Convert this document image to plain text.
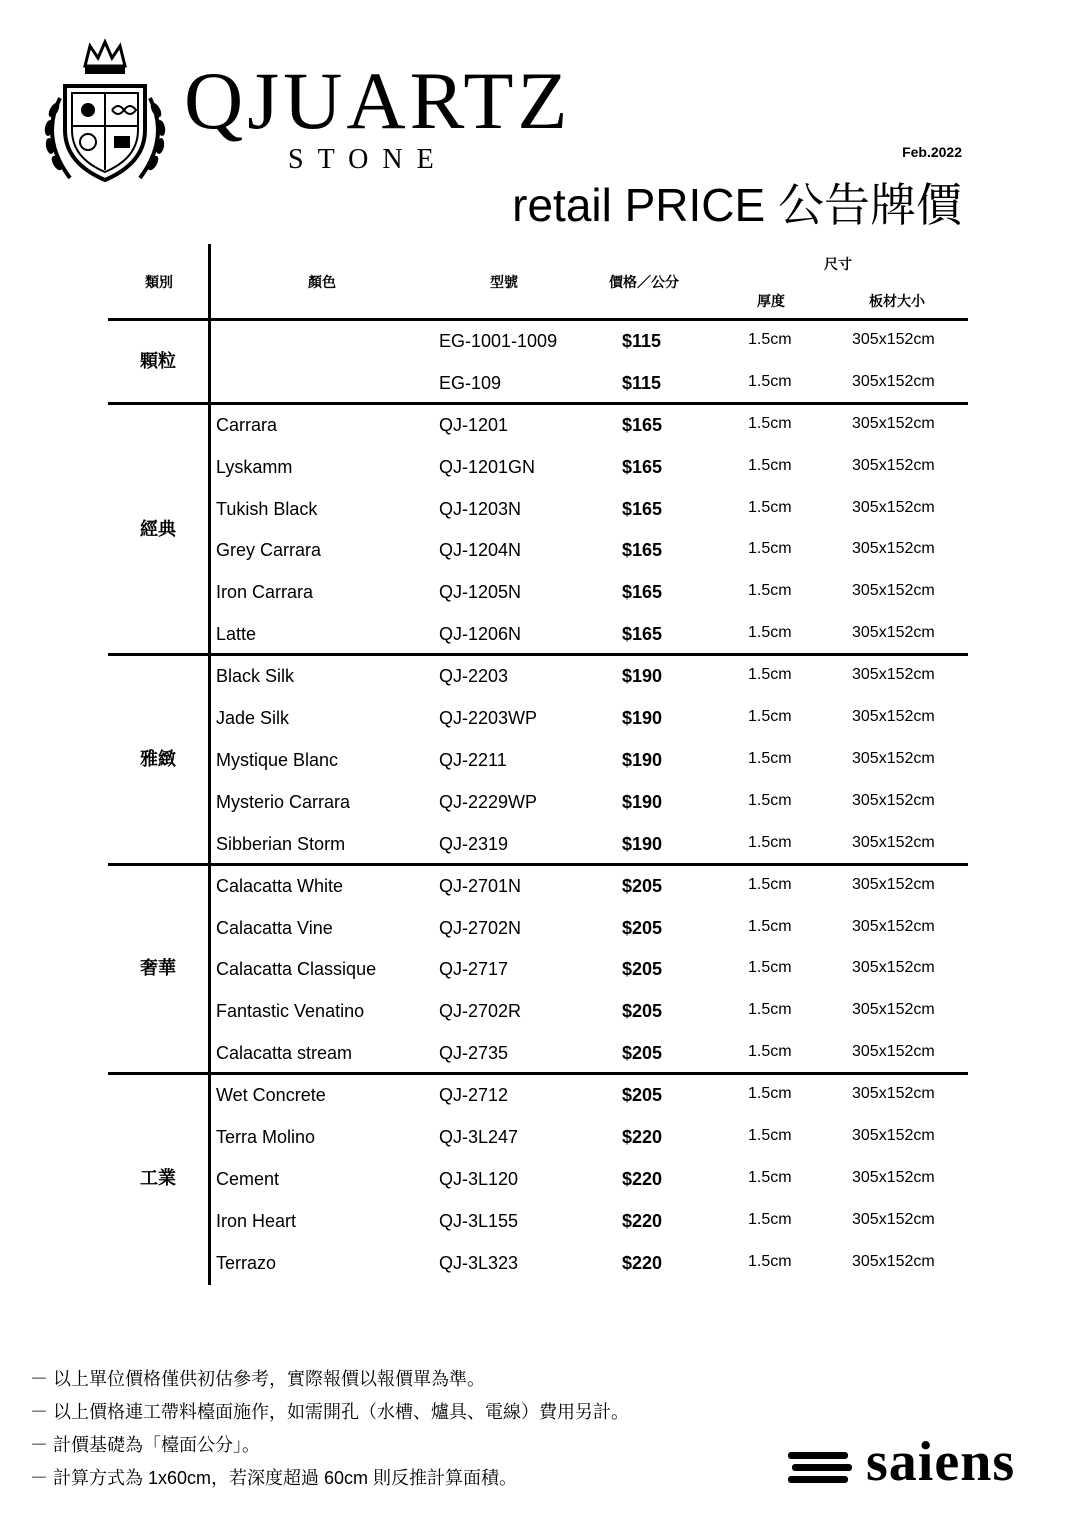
QJUARTZ
STONE	Feb.2022
retail PRICE 公告牌價
類別	顏色	型號	價格／公分
尺寸
厚度	板材大小
EG-1001-1009	$115	1.5cm	305x152cm
EG-109	$115	1.5cm	305x152cm
顆粒
Carrara	QJ-1201	$165	1.5cm	305x152cm
Lyskamm	QJ-1201GN	$165	1.5cm	305x152cm
Tukish Black	QJ-1203N	$165	1.5cm	305x152cm
Grey Carrara	QJ-1204N	$165	1.5cm	305x152cm
Iron Carrara	QJ-1205N	$165	1.5cm	305x152cm
Latte	QJ-1206N	$165	1.5cm	305x152cm
經典
Black Silk	QJ-2203	$190	1.5cm	305x152cm
Jade Silk	QJ-2203WP	$190	1.5cm	305x152cm
Mystique Blanc	QJ-2211	$190	1.5cm	305x152cm
Mysterio Carrara	QJ-2229WP	$190	1.5cm	305x152cm
Sibberian Storm	QJ-2319	$190	1.5cm	305x152cm
雅緻
Calacatta White	QJ-2701N	$205	1.5cm	305x152cm
Calacatta Vine	QJ-2702N	$205	1.5cm	305x152cm
Calacatta Classique	QJ-2717	$205	1.5cm	305x152cm
Fantastic Venatino	QJ-2702R	$205	1.5cm	305x152cm
Calacatta stream	QJ-2735	$205	1.5cm	305x152cm
奢華
Wet Concrete	QJ-2712	$205	1.5cm	305x152cm
Terra Molino	QJ-3L247	$220	1.5cm	305x152cm
Cement	QJ-3L120	$220	1.5cm	305x152cm
Iron Heart	QJ-3L155	$220	1.5cm	305x152cm
Terrazo	QJ-3L323	$220	1.5cm	305x152cm
工業
－ 以上單位價格僅供初估參考，實際報價以報價單為準。
－ 以上價格連工帶料檯面施作，如需開孔（水槽、爐具、電線）費用另計。
－ 計價基礎為「檯面公分」。
－ 計算方式為 1x60cm，若深度超過 60cm 則反推計算面積。	saiens
